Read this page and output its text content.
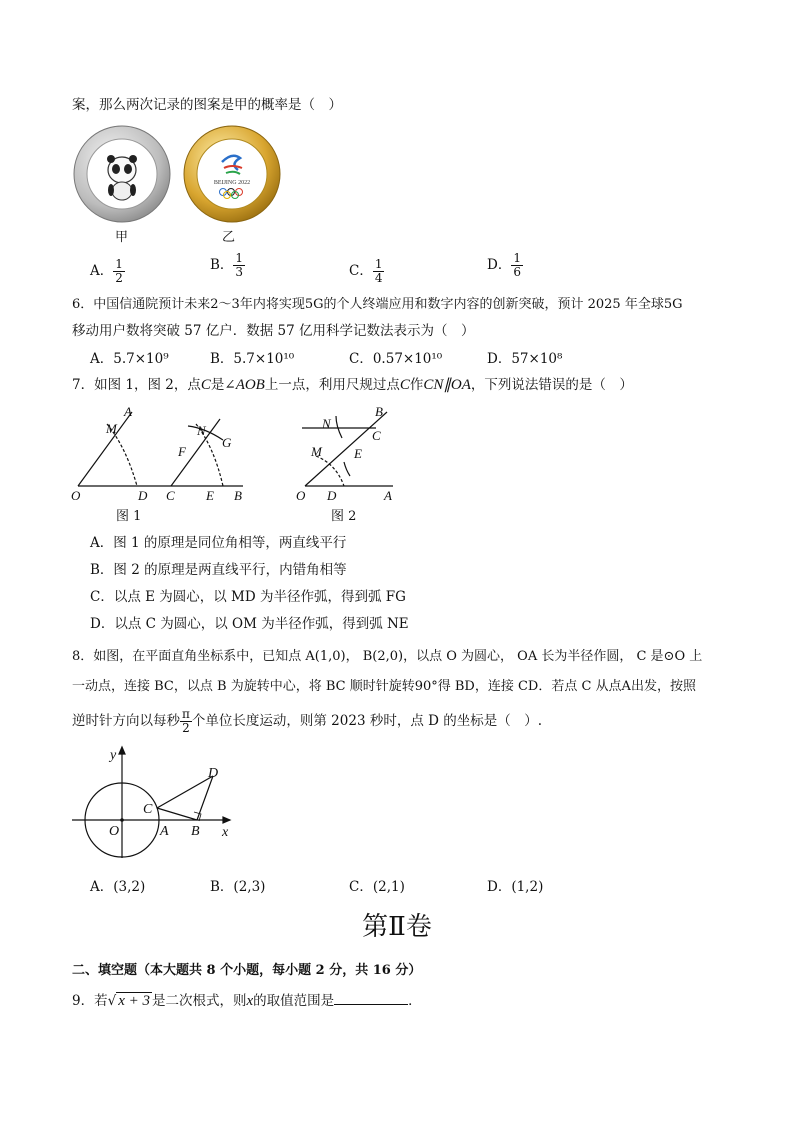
案，那么两次记录的图案是甲的概率是（　）
BEIJING 2022
甲	乙
A． $\frac{1}{2}$	B． $\frac{1}{3}$	C． $\frac{1}{4}$	D． $\frac{1}{6}$
6．中国信通院预计未来2～3年内将实现5G的个人终端应用和数字内容的创新突破，预计 2025 年全球5G
移动用户数将突破 57 亿户．数据 57 亿用科学记数法表示为（　）
A．5.7×10⁹	B．5.7×10¹⁰	C．0.57×10¹⁰	D．57×10⁸
7．如图 1，图 2，点C是∠AOB上一点，利用尺规过点C作CN∥OA，下列说法错误的是（　）
A
M
O	D C
F
N
G
E B
图 1
N
B
C
E
M
O D	A
图 2
A．图 1 的原理是同位角相等，两直线平行
B．图 2 的原理是两直线平行，内错角相等
C．以点 E 为圆心，以 MD 为半径作弧，得到弧 FG
D．以点 C 为圆心，以 OM 为半径作弧，得到弧 NE
8．如图，在平面直角坐标系中，已知点 A(1,0)， B(2,0)，以点 O 为圆心， OA 长为半径作圆， C 是⊙O 上
一动点，连接 BC，以点 B 为旋转中心，将 BC 顺时针旋转90°得 BD，连接 CD．若点 C 从点A出发，按照
逆时针方向以每秒 $\frac{\pi}{2}$ 个单位长度运动，则第 2023 秒时，点 D 的坐标是（　）.
y
x
O	A B
C
D
A．(3,2)	B．(2,3)	C．(2,1)	D．(1,2)
第Ⅱ卷
二、填空题（本大题共 8 个小题，每小题 2 分，共 16 分）
9．若√ x + 3 是二次根式，则x的取值范围是	．
